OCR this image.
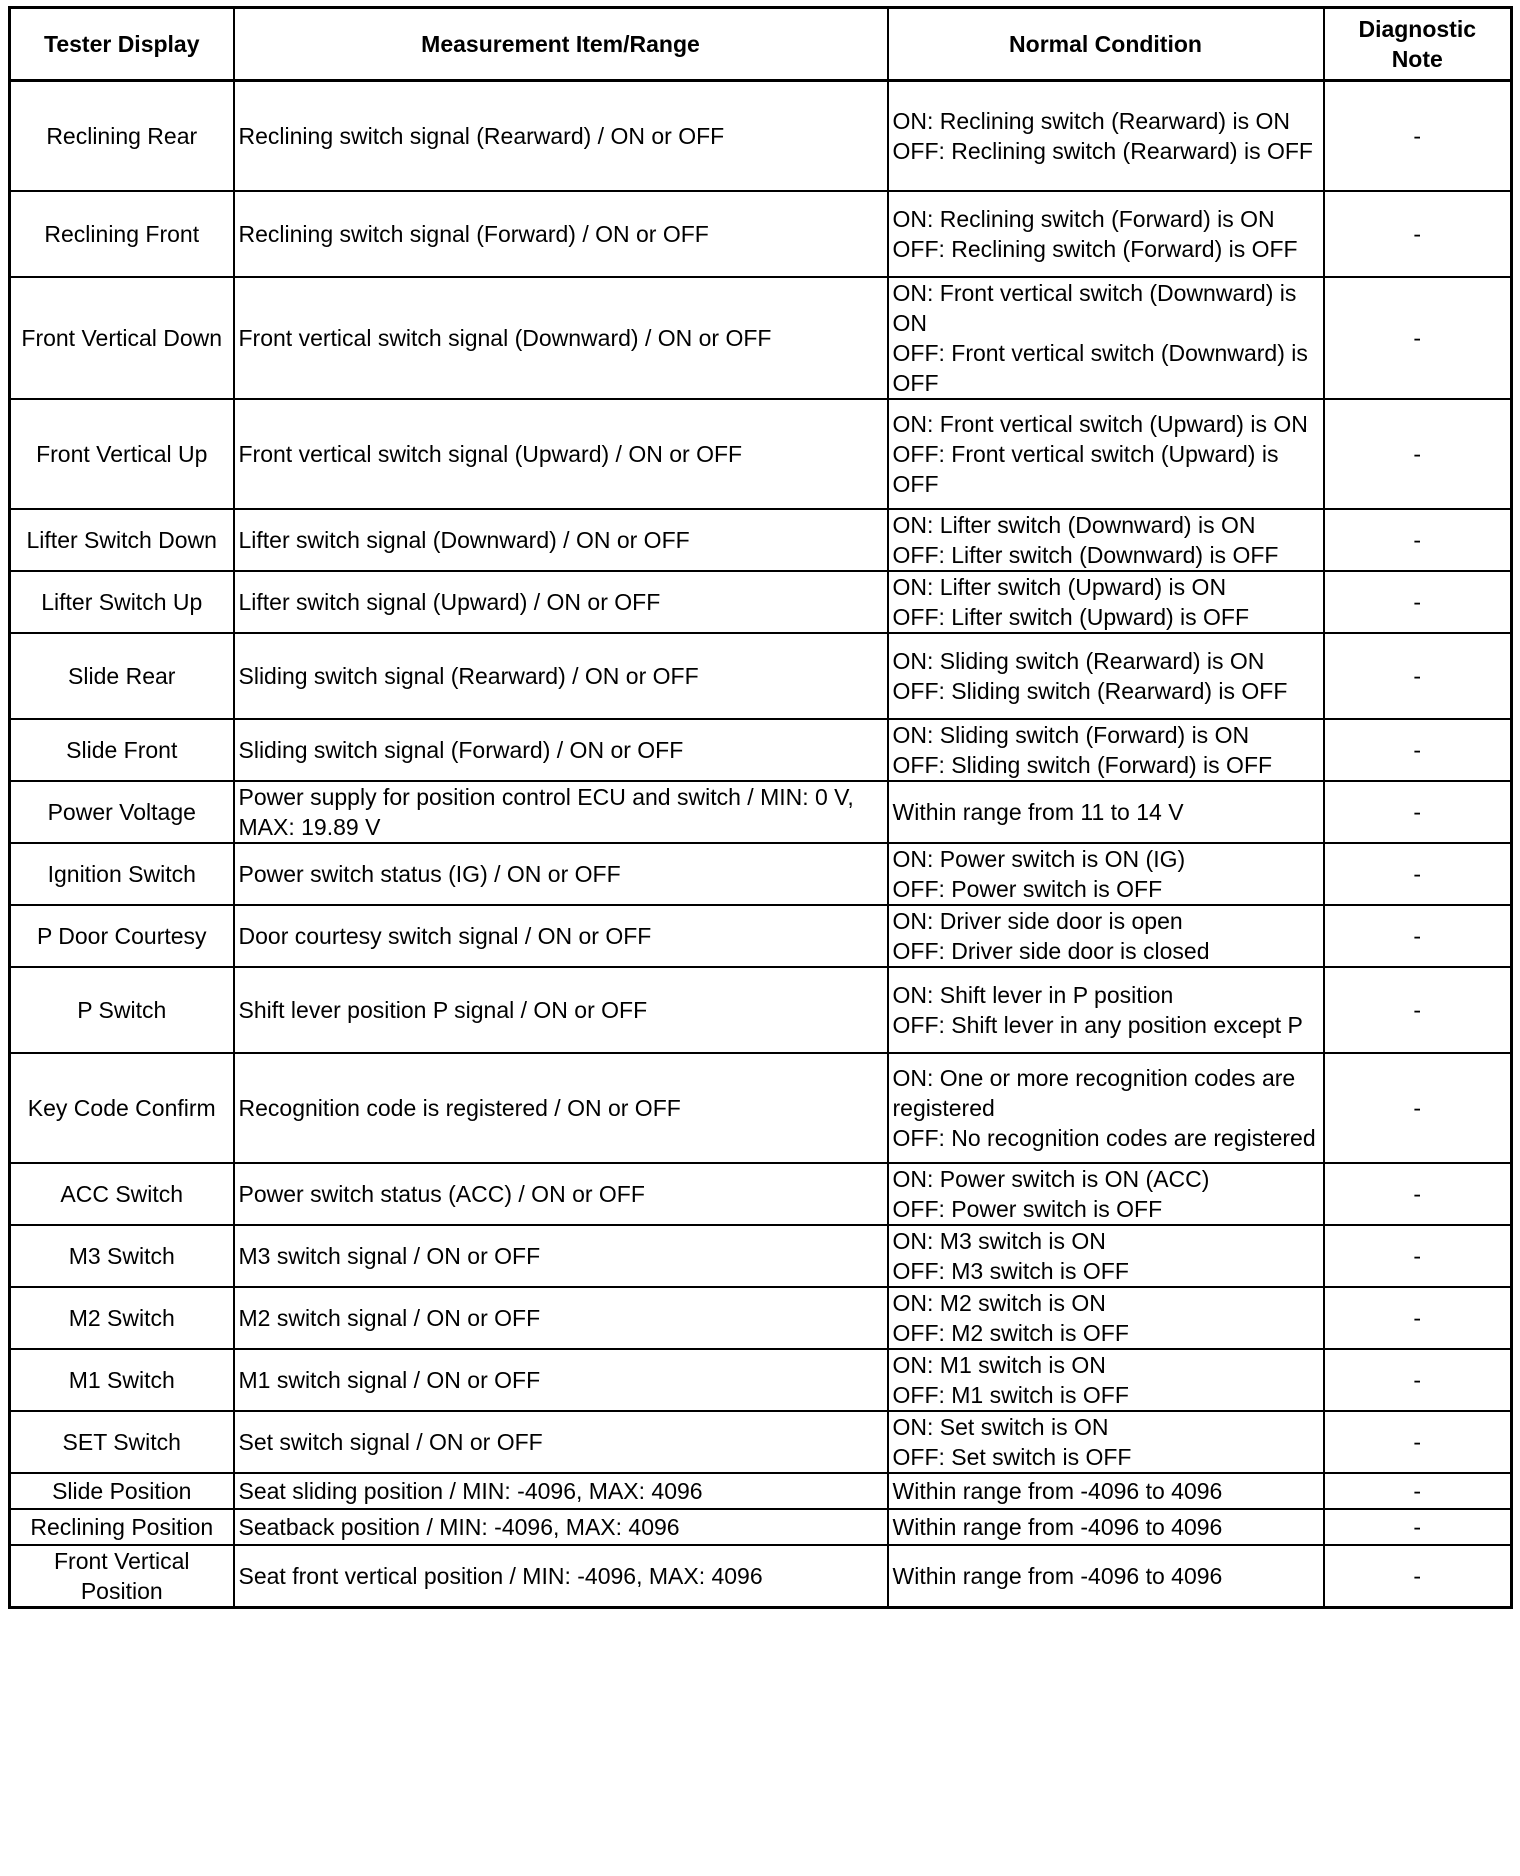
Tester Display	Measurement Item/Range	Normal Condition	Diagnostic
Note

Reclining Rear	Reclining switch signal (Rearward) / ON or OFF	ON: Reclining switch (Rearward) is ON
OFF: Reclining switch (Rearward) is OFF	-
Reclining Front	Reclining switch signal (Forward) / ON or OFF	ON: Reclining switch (Forward) is ON
OFF: Reclining switch (Forward) is OFF	-
Front Vertical Down	Front vertical switch signal (Downward) / ON or OFF	ON: Front vertical switch (Downward) is ON
OFF: Front vertical switch (Downward) is OFF	-
Front Vertical Up	Front vertical switch signal (Upward) / ON or OFF	ON: Front vertical switch (Upward) is ON
OFF: Front vertical switch (Upward) is OFF	-
Lifter Switch Down	Lifter switch signal (Downward) / ON or OFF	ON: Lifter switch (Downward) is ON
OFF: Lifter switch (Downward) is OFF	-
Lifter Switch Up	Lifter switch signal (Upward) / ON or OFF	ON: Lifter switch (Upward) is ON
OFF: Lifter switch (Upward) is OFF	-
Slide Rear	Sliding switch signal (Rearward) / ON or OFF	ON: Sliding switch (Rearward) is ON
OFF: Sliding switch (Rearward) is OFF	-
Slide Front	Sliding switch signal (Forward) / ON or OFF	ON: Sliding switch (Forward) is ON
OFF: Sliding switch (Forward) is OFF	-
Power Voltage	Power supply for position control ECU and switch / MIN: 0 V, MAX: 19.89 V	Within range from 11 to 14 V	-
Ignition Switch	Power switch status (IG) / ON or OFF	ON: Power switch is ON (IG)
OFF: Power switch is OFF	-
P Door Courtesy	Door courtesy switch signal / ON or OFF	ON: Driver side door is open
OFF: Driver side door is closed	-
P Switch	Shift lever position P signal / ON or OFF	ON: Shift lever in P position
OFF: Shift lever in any position except P	-
Key Code Confirm	Recognition code is registered / ON or OFF	ON: One or more recognition codes are registered
OFF: No recognition codes are registered	-
ACC Switch	Power switch status (ACC) / ON or OFF	ON: Power switch is ON (ACC)
OFF: Power switch is OFF	-
M3 Switch	M3 switch signal / ON or OFF	ON: M3 switch is ON
OFF: M3 switch is OFF	-
M2 Switch	M2 switch signal / ON or OFF	ON: M2 switch is ON
OFF: M2 switch is OFF	-
M1 Switch	M1 switch signal / ON or OFF	ON: M1 switch is ON
OFF: M1 switch is OFF	-
SET Switch	Set switch signal / ON or OFF	ON: Set switch is ON
OFF: Set switch is OFF	-
Slide Position	Seat sliding position / MIN: -4096, MAX: 4096	Within range from -4096 to 4096	-
Reclining Position	Seatback position / MIN: -4096, MAX: 4096	Within range from -4096 to 4096	-
Front Vertical Position	Seat front vertical position / MIN: -4096, MAX: 4096	Within range from -4096 to 4096	-
